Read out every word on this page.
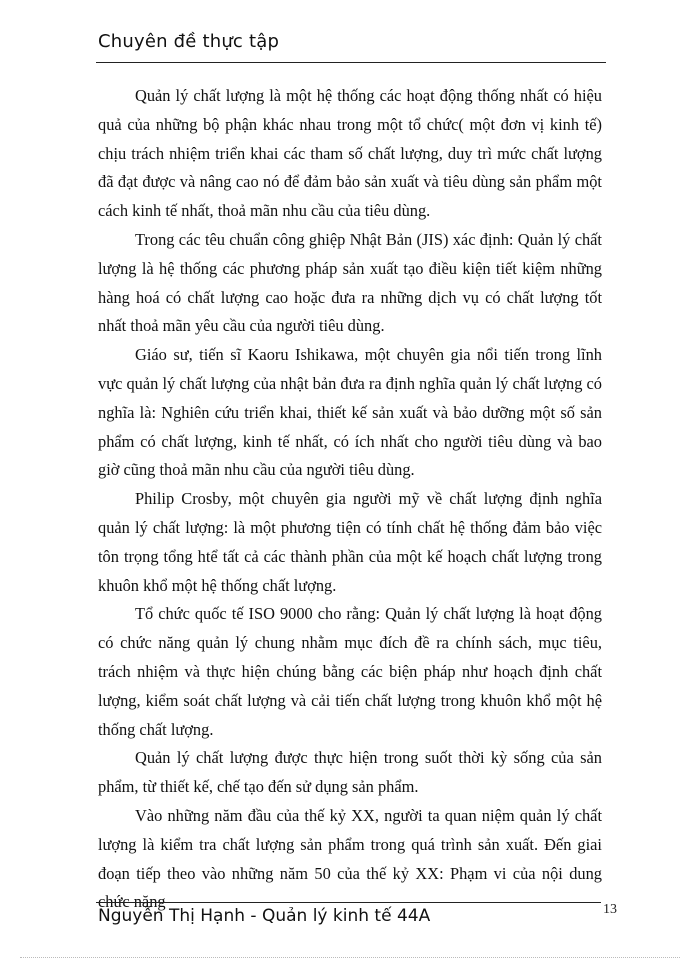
Chuyên đề thực tập

Quản lý chất lượng là một hệ thống các hoạt động thống nhất có hiệu quả của những bộ phận khác nhau trong một tổ chức( một đơn vị kinh tế) chịu trách nhiệm triển khai các tham số chất lượng, duy trì mức chất lượng đã đạt được và nâng cao nó để đảm bảo sản xuất và tiêu dùng sản phẩm một cách kinh tế nhất, thoả mãn nhu cầu của tiêu dùng.

Trong các têu chuẩn công ghiệp Nhật Bản (JIS) xác định: Quản lý chất lượng là hệ thống các phương pháp sản xuất tạo điều kiện tiết kiệm những hàng hoá có chất lượng cao hoặc đưa ra những dịch vụ có chất lượng tốt nhất thoả mãn yêu cầu của người tiêu dùng.

Giáo sư, tiến sĩ Kaoru Ishikawa, một chuyên gia nổi tiến trong lĩnh vực quản lý chất lượng của nhật bản đưa ra định nghĩa quản lý chất lượng có nghĩa là: Nghiên cứu triển khai, thiết kế sản xuất và bảo dưỡng một số sản phẩm có chất lượng, kinh tế nhất, có ích nhất cho người tiêu dùng và bao giờ cũng thoả mãn nhu cầu của người tiêu dùng.

Philip Crosby, một chuyên gia người mỹ về chất lượng định nghĩa quản lý chất lượng: là một phương tiện có tính chất hệ thống đảm bảo việc tôn trọng tổng htể tất cả các thành phần của một kế hoạch chất lượng trong khuôn khổ một hệ thống chất lượng.

Tổ chức quốc tế ISO 9000 cho rằng: Quản lý chất lượng là hoạt động có chức năng quản lý chung nhằm mục đích đề ra chính sách, mục tiêu, trách nhiệm và thực hiện chúng bằng các biện pháp như hoạch định chất lượng, kiểm soát chất lượng và cải tiến chất lượng trong khuôn khổ một hệ thống chất lượng.

Quản lý chất lượng được thực hiện trong suốt thời kỳ sống của sản phẩm, từ thiết kế, chế tạo đến sử dụng sản phẩm.

Vào những năm đầu của thế kỷ XX, người ta quan niệm quản lý chất lượng là kiểm tra chất lượng sản phẩm trong quá trình sản xuất. Đến giai đoạn tiếp theo vào những năm 50 của thế kỷ XX: Phạm vi của nội dung chức năng

Nguyễn Thị Hạnh - Quản lý kinh tế 44A	13
